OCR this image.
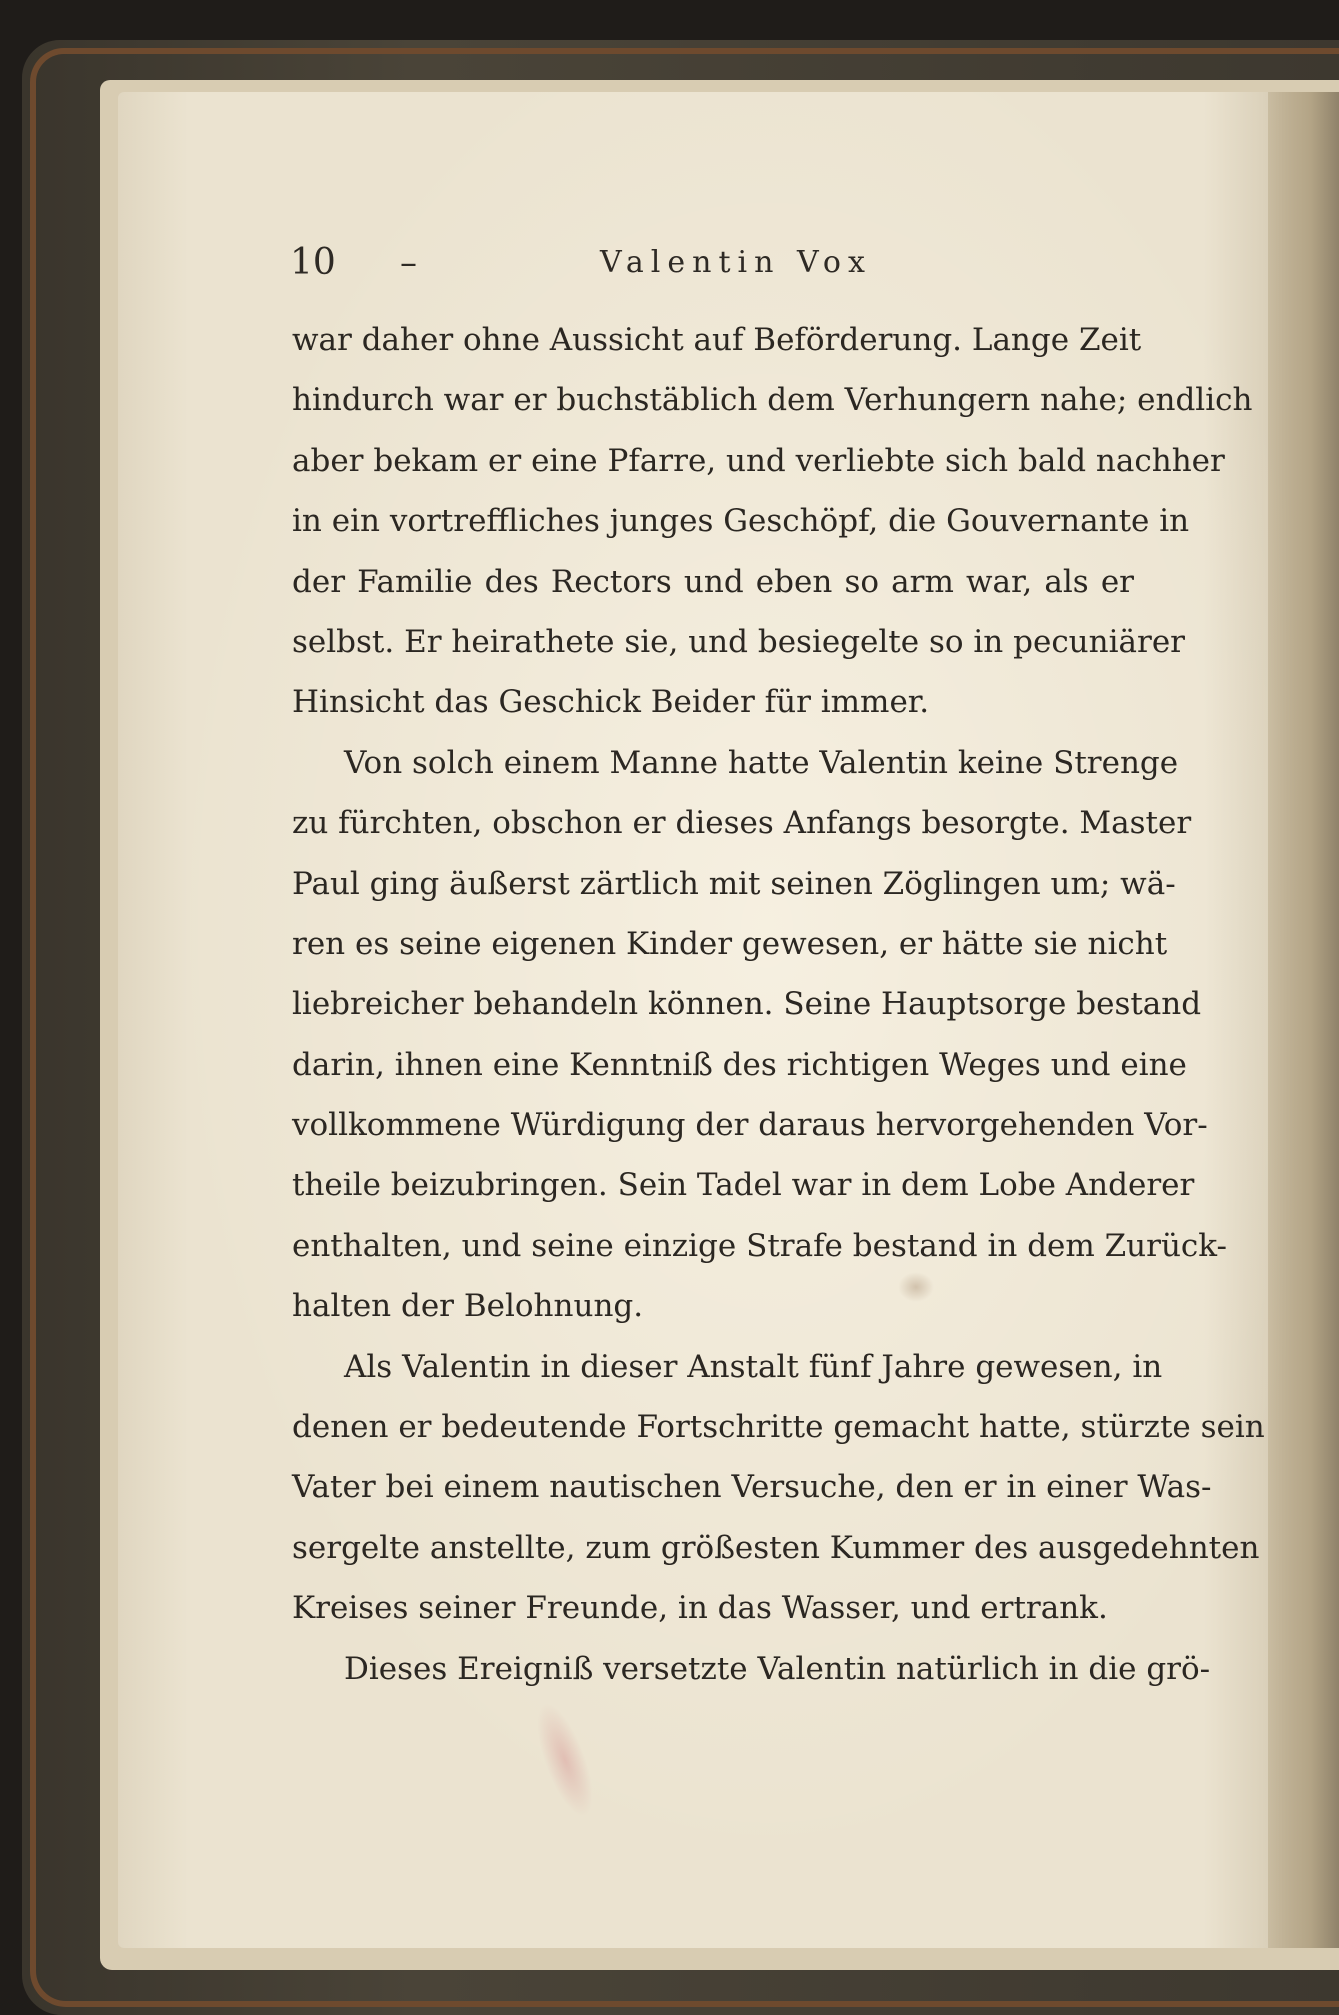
10 –	Valentin Vox
war daher ohne Aussicht auf Beförderung. Lange Zeit
hindurch war er buchstäblich dem Verhungern nahe; endlich
aber bekam er eine Pfarre, und verliebte sich bald nachher
in ein vortreffliches junges Geschöpf, die Gouvernante in
der Familie des Rectors und eben so arm war, als er
selbst. Er heirathete sie, und besiegelte so in pecuniärer
Hinsicht das Geschick Beider für immer.
Von solch einem Manne hatte Valentin keine Strenge
zu fürchten, obschon er dieses Anfangs besorgte. Master
Paul ging äußerst zärtlich mit seinen Zöglingen um; wä-
ren es seine eigenen Kinder gewesen, er hätte sie nicht
liebreicher behandeln können. Seine Hauptsorge bestand
darin, ihnen eine Kenntniß des richtigen Weges und eine
vollkommene Würdigung der daraus hervorgehenden Vor-
theile beizubringen. Sein Tadel war in dem Lobe Anderer
enthalten, und seine einzige Strafe bestand in dem Zurück-
halten der Belohnung.
Als Valentin in dieser Anstalt fünf Jahre gewesen, in
denen er bedeutende Fortschritte gemacht hatte, stürzte sein
Vater bei einem nautischen Versuche, den er in einer Was-
sergelte anstellte, zum größesten Kummer des ausgedehnten
Kreises seiner Freunde, in das Wasser, und ertrank.
Dieses Ereigniß versetzte Valentin natürlich in die grö-
